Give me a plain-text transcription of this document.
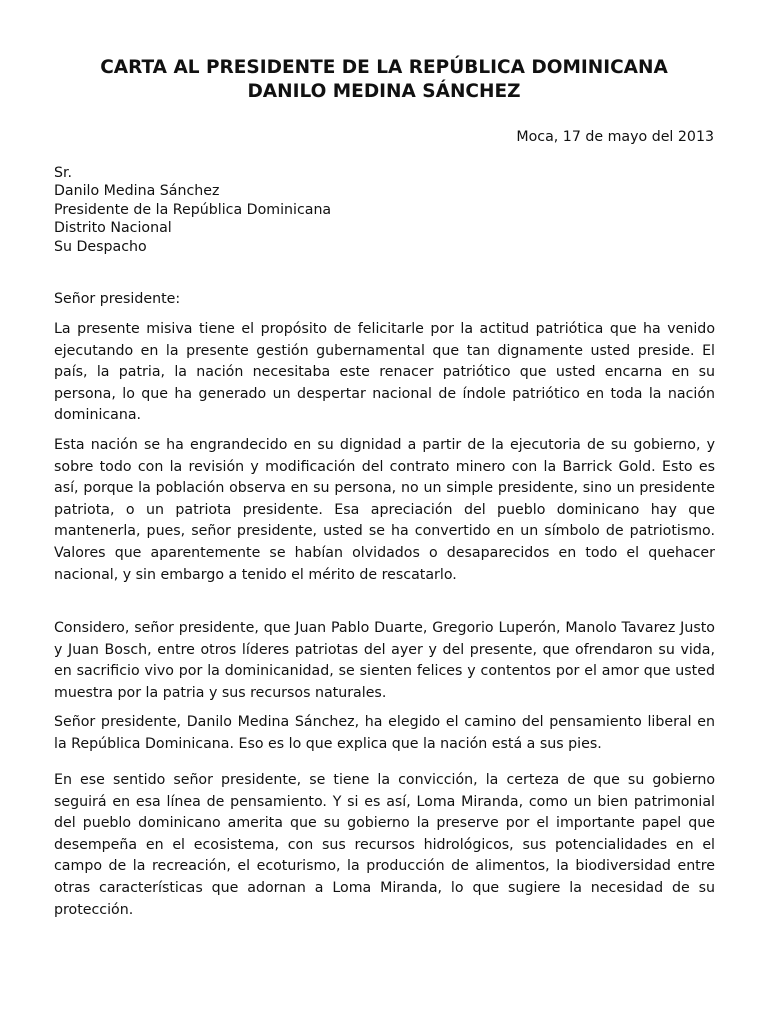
CARTA AL PRESIDENTE DE LA REPÚBLICA DOMINICANA
DANILO MEDINA SÁNCHEZ
Moca, 17 de mayo del 2013
Sr.
Danilo Medina Sánchez
Presidente de la República Dominicana
Distrito Nacional
Su Despacho
Señor presidente:

La presente misiva tiene el propósito de felicitarle por la actitud patriótica que ha venido ejecutando en la presente gestión gubernamental que tan dignamente usted preside. El país, la patria, la nación necesitaba este renacer patriótico que usted encarna en su persona, lo que ha generado un despertar nacional de índole patriótico en toda la nación dominicana.

Esta nación se ha engrandecido en su dignidad a partir de la ejecutoria de su gobierno, y sobre todo con la revisión y modificación del contrato minero con la Barrick Gold. Esto es así, porque la población observa en su persona, no un simple presidente, sino un presidente patriota, o un patriota presidente. Esa apreciación del pueblo dominicano hay que mantenerla, pues, señor presidente, usted se ha convertido en un símbolo de patriotismo. Valores que aparentemente se habían olvidados o desaparecidos en todo el quehacer nacional, y sin embargo a tenido el mérito de rescatarlo.

Considero, señor presidente, que Juan Pablo Duarte, Gregorio Luperón, Manolo Tavarez Justo y Juan Bosch, entre otros líderes patriotas del ayer y del presente, que ofrendaron su vida, en sacrificio vivo por la dominicanidad, se sienten felices y contentos por el amor que usted muestra por la patria y sus recursos naturales.

Señor presidente, Danilo Medina Sánchez, ha elegido el camino del pensamiento liberal en la República Dominicana. Eso es lo que explica que la nación está a sus pies.

En ese sentido señor presidente, se tiene la convicción, la certeza de que su gobierno seguirá en esa línea de pensamiento. Y si es así, Loma Miranda, como un bien patrimonial del pueblo dominicano amerita que su gobierno la preserve por el importante papel que desempeña en el ecosistema, con sus recursos hidrológicos, sus potencialidades en el campo de la recreación, el ecoturismo, la producción de alimentos, la biodiversidad entre otras características que adornan a Loma Miranda, lo que sugiere la necesidad de su protección.
